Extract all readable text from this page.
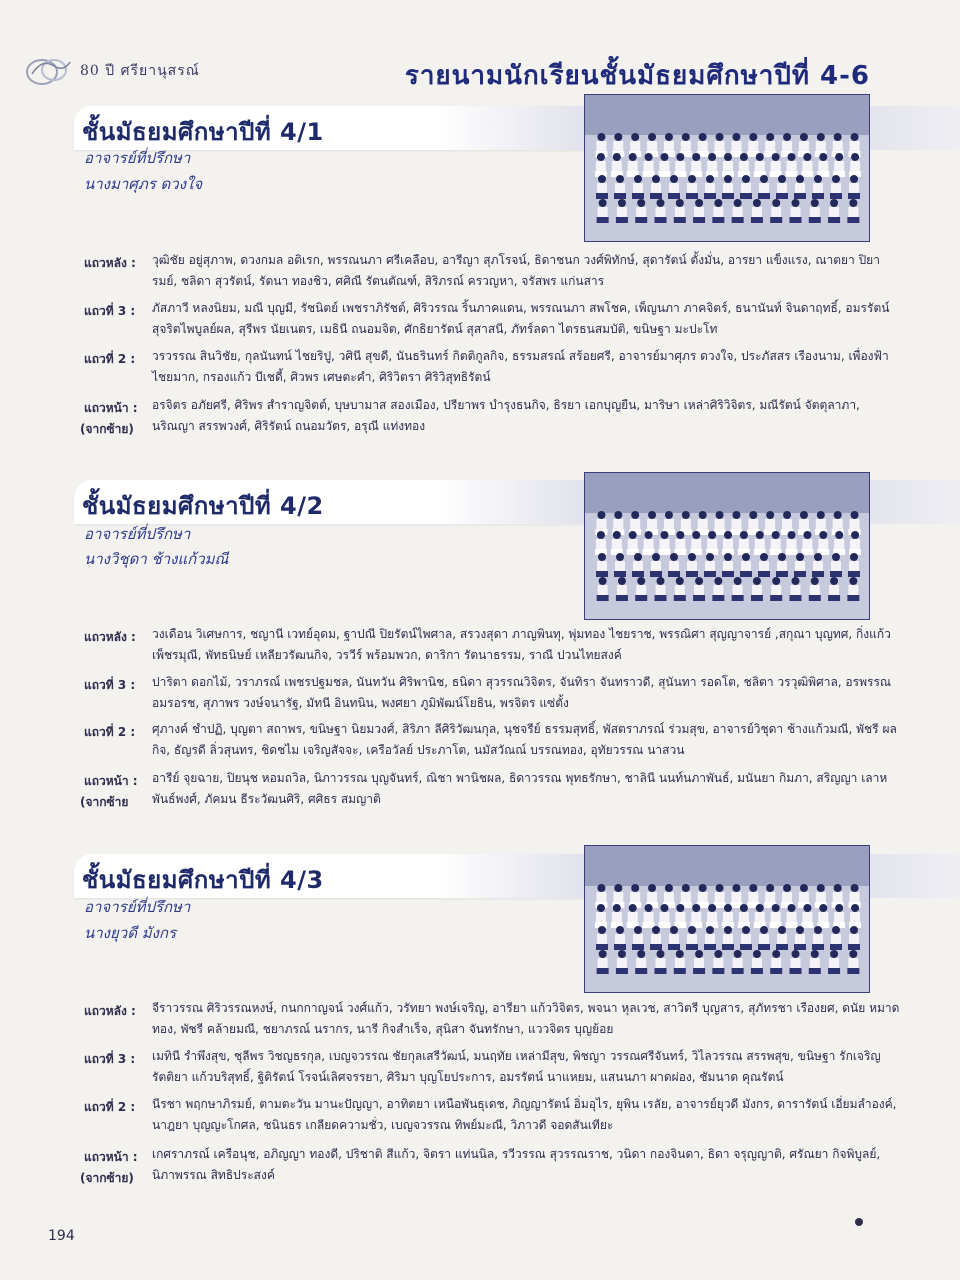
80 ปี ศรียานุสรณ์	รายนามนักเรียนชั้นมัธยมศึกษาปีที่ 4-6
ชั้นมัธยมศึกษาปีที่ 4/1
อาจารย์ที่ปรึกษา
นางมาศุภร ดวงใจ
แถวหลัง : วุฒิชัย อยู่สุภาพ, ดวงกมล อติเรก, พรรณนภา ศรีเคลือบ, อารีญา สุภโรจน์, ธิดาชนก วงศ์พิทักษ์, สุดารัตน์ ตั้งมั่น, อารยา แข็งแรง, ณาตยา ปิยารมย์, ชลิดา สุวรัตน์, รัตนา ทองชิว, ศศิณี รัตนตัณฑ์, สิริภรณ์ ครวญหา, จรัสพร แก่นสาร
แถวที่ 3 : ภัสภาวี หลงนิยม, มณี บุญมี, รัชนิตย์ เพชราภิรัชต์, ศิริวรรณ ริ้นภาคแดน, พรรณนภา สพโชค, เพ็ญนภา ภาคจิตร์, ธนานันท์ จินดาฤทธิ์, อมรรัตน์ สุจริตไพบูลย์ผล, สุรีพร นัยเนตร, เมธินี ถนอมจิต, ศักธิยารัตน์ สุสาสนี, ภัทร์ลดา ไตรธนสมบัติ, ขนิษฐา มะปะโท
แถวที่ 2 : วรวรรณ สินวิชัย, กุลนันทน์ ไชยริปู, วศินี สุขดี, นันธรินทร์ กิตติกูลกิจ, ธรรมสรณ์ สร้อยศรี, อาจารย์มาศุภร ดวงใจ, ประภัสสร เรืองนาม, เพื่องฟ้า ไชยมาก, กรองแก้ว บีเชดี้, ศิวพร เศษตะคำ, ศิริวิตรา ศิริวิสุทธิรัตน์
แถวหน้า :
(จากซ้าย)
อรจิตร อภัยศรี, ศิริพร สำราญจิตต์, บุษบามาส สองเมือง, ปรียาพร บำรุงธนกิจ, ธิรยา เอกบุญยืน, มาริษา เหล่าศิริวิจิตร, มณีรัตน์ จัตตุลาภา, นริณญา สรรพวงศ์, ศิริรัตน์ ถนอมวัตร, อรุณี แท่งทอง
ชั้นมัธยมศึกษาปีที่ 4/2
อาจารย์ที่ปรึกษา
นางวิชุดา ช้างแก้วมณี
แถวหลัง : วงเดือน วิเศษการ, ชญานี เวทย์อุดม, ฐาปณี ปิยรัตน์ไพศาล, สรวงสุดา ภาญพินทุ, พุ่มทอง ไชยราช, พรรณิศา สุญญาจารย์ ,สกุณา บุญทศ, กิ่งแก้ว เพ็ชรมุณี, พัทธนิษย์ เหลียวรัฒนกิจ, วรวีร์ พร้อมพวก, ดาริกา รัตนาธรรม, ราณี ปวนไทยสงค์
แถวที่ 3 : ปาริตา ดอกไม้, วราภรณ์ เพชรปฐมชล, นันทวัน ศิริพานิช, ธนิดา สุวรรณวิจิตร, จันทิรา จันทราวดี, สุนันทา รอดโต, ชลิตา วรวุฒิพิศาล, อรพรรณ อมรอรช, สุภาพร วงษ์จนารัฐ, มัทนี อินทนิน, พงศยา ภูมิพัฒน์โยธิน, พรจิตร แซ่ตั้ง
แถวที่ 2 : ศุภางค์ ชำปฏิ, บุญตา สถาพร, ขนิษฐา นิยมวงศ์, สิริภา ลีศิริวัฒนกุล, นุชจรีย์ ธรรมสุทธิ์, พัสตราภรณ์ ร่วมสุข, อาจารย์วิชุดา ช้างแก้วมณี, พัชรี ผลกิจ, ธัญรดี ลิ่วสุนทร, ชิดชไม เจริญสัจจะ, เครือวัลย์ ประภาโต, นมัสวัณณ์ บรรณทอง, อุทัยวรรณ นาสวน
แถวหน้า :
(จากซ้าย
อารีย์ จุยฉาย, ปิยนุช หอมถวิล, นิภาวรรณ บุญจันทร์, ณิชา พานิชผล, ธิดาวรรณ พุทธรักษา, ชาลินี นนท์นภาพันธ์, มนันยา กิมภา, สริญญา เลาหพันธ์พงศ์, ภัคมน ธีระวัฒนศิริ, ศศิธร สมญาติ
ชั้นมัธยมศึกษาปีที่ 4/3
อาจารย์ที่ปรึกษา
นางยุวดี มังกร
แถวหลัง : จีราวรรณ ศิริวรรณหงษ์, กนกกาญจน์ วงศ์แก้ว, วรัทยา พงษ์เจริญ, อารียา แก้ววิจิตร, พจนา หุลเวช, สาวิตรี บุญสาร, สุภัทรชา เรืองยศ, ดนัย หมาดทอง, พัชรี คล้ายมณี, ชยาภรณ์ นรากร, นารี กิจสำเร็จ, สุนิสา จันทรักษา, แววจิตร บุญย้อย
แถวที่ 3 : เมทินี รำพึงสุข, ชุลีพร วิชญธรกุล, เบญจวรรณ ชัยกุลเสรีวัฒน์, มนฤทัย เหล่ามีสุข, พิชญา วรรณศรีจันทร์, วิไลวรรณ สรรพสุข, ขนิษฐา รักเจริญ รัตติยา แก้วบริสุทธิ์, ฐิติรัตน์ โรจน์เลิศจรรยา, ศิริมา บุญโยประการ, อมรรัตน์ นาแหยม, แสนนภา ผาดผ่อง, ชัมนาด คุณรัตน์
แถวที่ 2 : นีรชา พฤกษาภิรมย์, ตามตะวัน มานะปัญญา, อาทิตยา เหนือพันธุเดช, ภิญญารัตน์ อิ่มอุไร, ยุพิน เรลัย, อาจารย์ยุวดี มังกร, ดารารัตน์ เอี่ยมลำองค์, นาฎยา บุญญะโกศล, ชนินธร เกลียดความชั่ว, เบญจวรรณ ทิพย์มะณี, วิภาวดี จอดสันเทียะ
แถวหน้า :
(จากซ้าย)
เกศราภรณ์ เครือนุช, อภิญญา ทองดี, ปริชาติ สีแก้ว, จิตรา แท่นนิล, รวีวรรณ สุวรรณราช, วนิดา กองจินดา, ธิดา จรุญญาติ, ศรัณยา กิจพิบูลย์, นิภาพรรณ สิทธิประสงค์
194
